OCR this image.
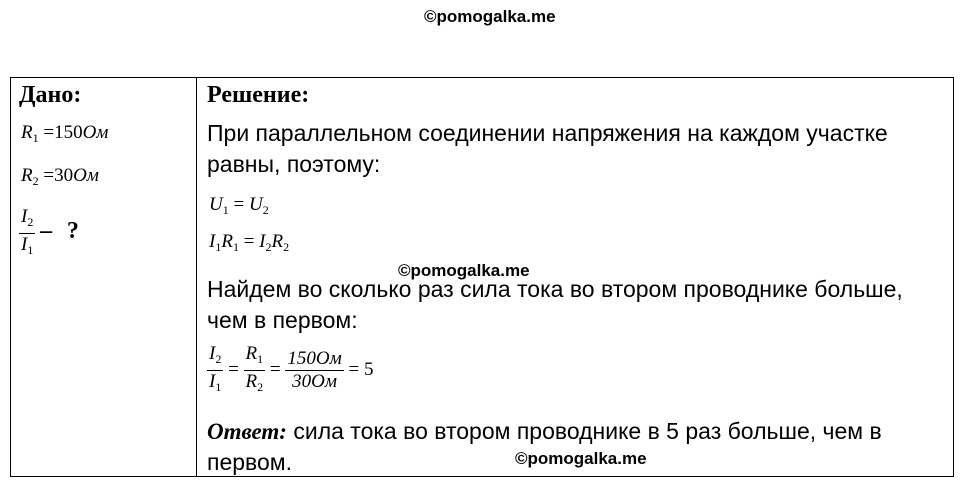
©pomogalka.me
Дано:
$R_1 =150Ом$
$R_2 =30Ом$
$\frac{I_2}{I_1}$ – ?

Решение:
При параллельном соединении напряжения на каждом участке равны, поэтому:
$U_1 = U_2$
$I_1R_1 = I_2R_2$
Найдем во сколько раз сила тока во втором проводнике больше, чем в первом:
$\frac{I_2}{I_1} = \frac{R_1}{R_2} = \frac{150Ом}{30Ом} = 5$
Ответ: сила тока во втором проводнике в 5 раз больше, чем в первом.
©pomogalka.me
©pomogalka.me
